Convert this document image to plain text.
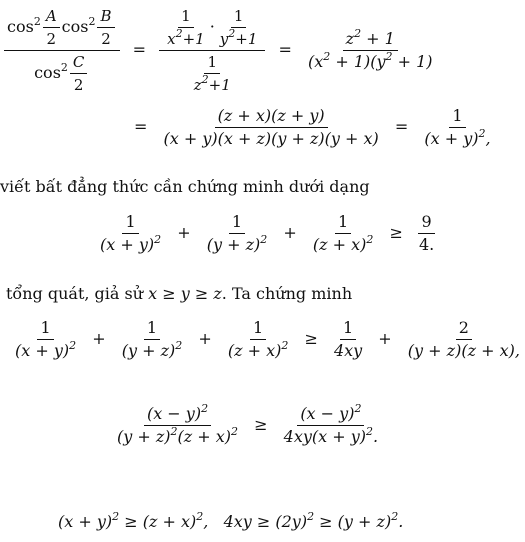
$\frac{\cos^2 \frac{A}{2} \cos^2 \frac{B}{2}}{\cos^2 \frac{C}{2}} = \frac{\frac{1}{x^2+1} \cdot \frac{1}{y^2+1}}{\frac{1}{z^2+1}} = \frac{z^2 + 1}{(x^2 + 1)(y^2 + 1)}$
= $\frac{(z + x)(z + y)}{(x + y)(x + z)(y + z)(y + x)} = \frac{1}{(x + y)^2,}$
viết bất đẳng thức cần chứng minh dưới dạng
$\frac{1}{(x + y)^2} + \frac{1}{(y + z)^2} + \frac{1}{(z + x)^2} \ge \frac{9}{4.}$
tổng quát, giả sử x ≥ y ≥ z. Ta chứng minh
$\frac{1}{(x + y)^2} + \frac{1}{(y + z)^2} + \frac{1}{(z + x)^2} \ge \frac{1}{4xy} + \frac{2}{(y + z)(z + x),}$
$\frac{(x - y)^2}{(y + z)^2(z + x)^2} \ge \frac{(x - y)^2}{4xy(x + y)^2.}$
$(x + y)^2 \ge (z + x)^2$,   $4xy \ge (2y)^2 \ge (y + z)^2$.
